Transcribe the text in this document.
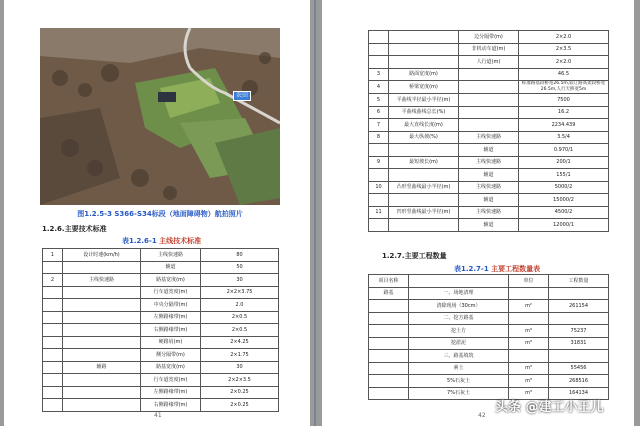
农田
图1.2.5-3 S366-S34标段（地面障碍物）航拍照片
1.2.6.主要技术标准
表1.2.6-1 主线技术标准
1	设计时速(km/h)	主线快速路	80
		辅道	50
2	主线快速路	路基宽度(m)	30
		行车道宽度(m)	2×2×3.75
		中央分隔带(m)	2.0
		左侧路缘带(m)	2×0.5
		右侧路缘带(m)	2×0.5
		硬路肩(m)	2×4.25
		侧分隔带(m)	2×1.75
	辅路	路基宽度(m)	30
		行车道宽度(m)	2×2×3.5
		左侧路缘带(m)	2×0.25
		右侧路缘带(m)	2×0.25
41
		边分隔带(m)	2×2.0
		非机动车道(m)	2×3.5
		人行道(m)	2×2.0
3	路面宽度(m)		46.5
4	桥梁宽度(m)		标准路基段桥宽26.5m,较辽路高架段桥宽26.5m,人行天桥宽5m
5	平曲线半径最小半径(m)		7500
6	平曲线曲线总长(%)		16.2
7	最大直线长度(m)		2234.439
8	最大纵坡(%)	主线快速路	3.5/4
		辅道	0.970/1
9	最短坡长(m)	主线快速路	200/1
		辅道	155/1
10	凸形竖曲线最小半径(m)	主线快速路	5000/2
		辅道	15000/2
11	凹形竖曲线最小半径(m)	主线快速路	4500/2
		辅道	12000/1
1.2.7.主要工程数量
表1.2.7-1 主要工程数量表
项目名称		单位	工程数量
路基	一、场地清理		
	清除现场（30cm）	m²	261154
	二、挖方路基		
	挖土方	m³	75237
	挖淤泥	m³	31831
	三、路基填筑		
	素土	m³	55456
	5%石灰土	m³	268516
	7%石灰土	m³	164134
42
头条 @建工小王儿
